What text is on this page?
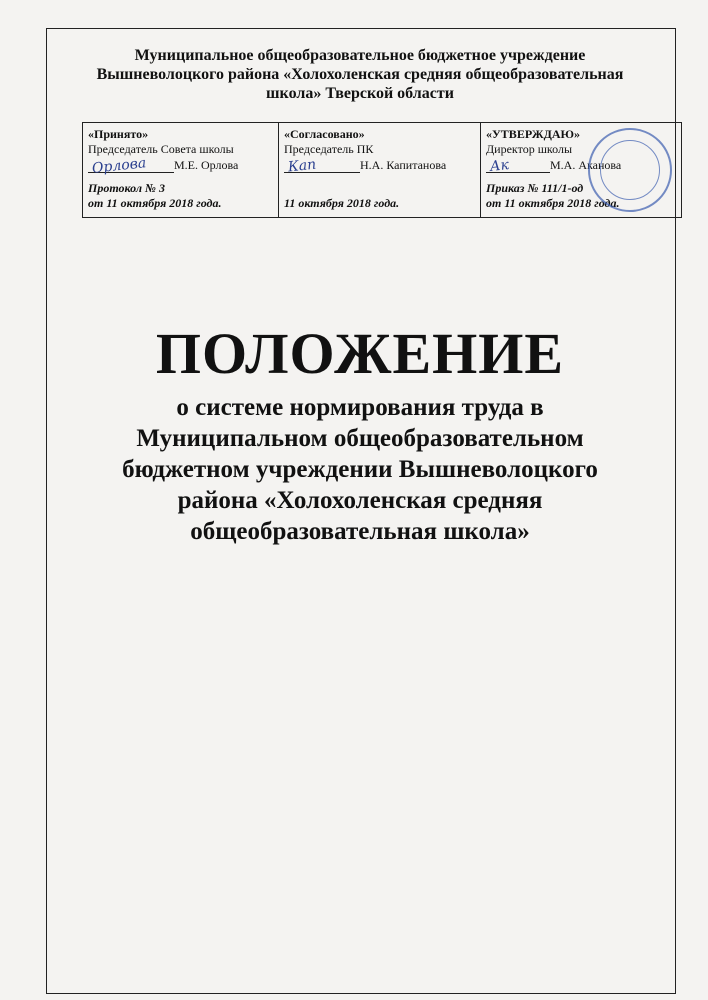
Муниципальное общеобразовательное бюджетное учреждение
Вышневолоцкого района «Холохоленская средняя общеобразовательная
школа» Тверской области
«Принято»
Председатель Совета школы
Орлова М.Е. Орлова
Протокол № 3
от 11 октября 2018 года.
«Согласовано»
Председатель ПК
Кап	Н.А. Капитанова
11 октября 2018 года.
«УТВЕРЖДАЮ»
Директор школы
Ак	М.А. Аканова
Приказ № 111/1-од
от 11 октября 2018 года.
ПОЛОЖЕНИЕ
о системе нормирования труда в
Муниципальном общеобразовательном
бюджетном учреждении Вышневолоцкого
района «Холохоленская средняя
общеобразовательная школа»
